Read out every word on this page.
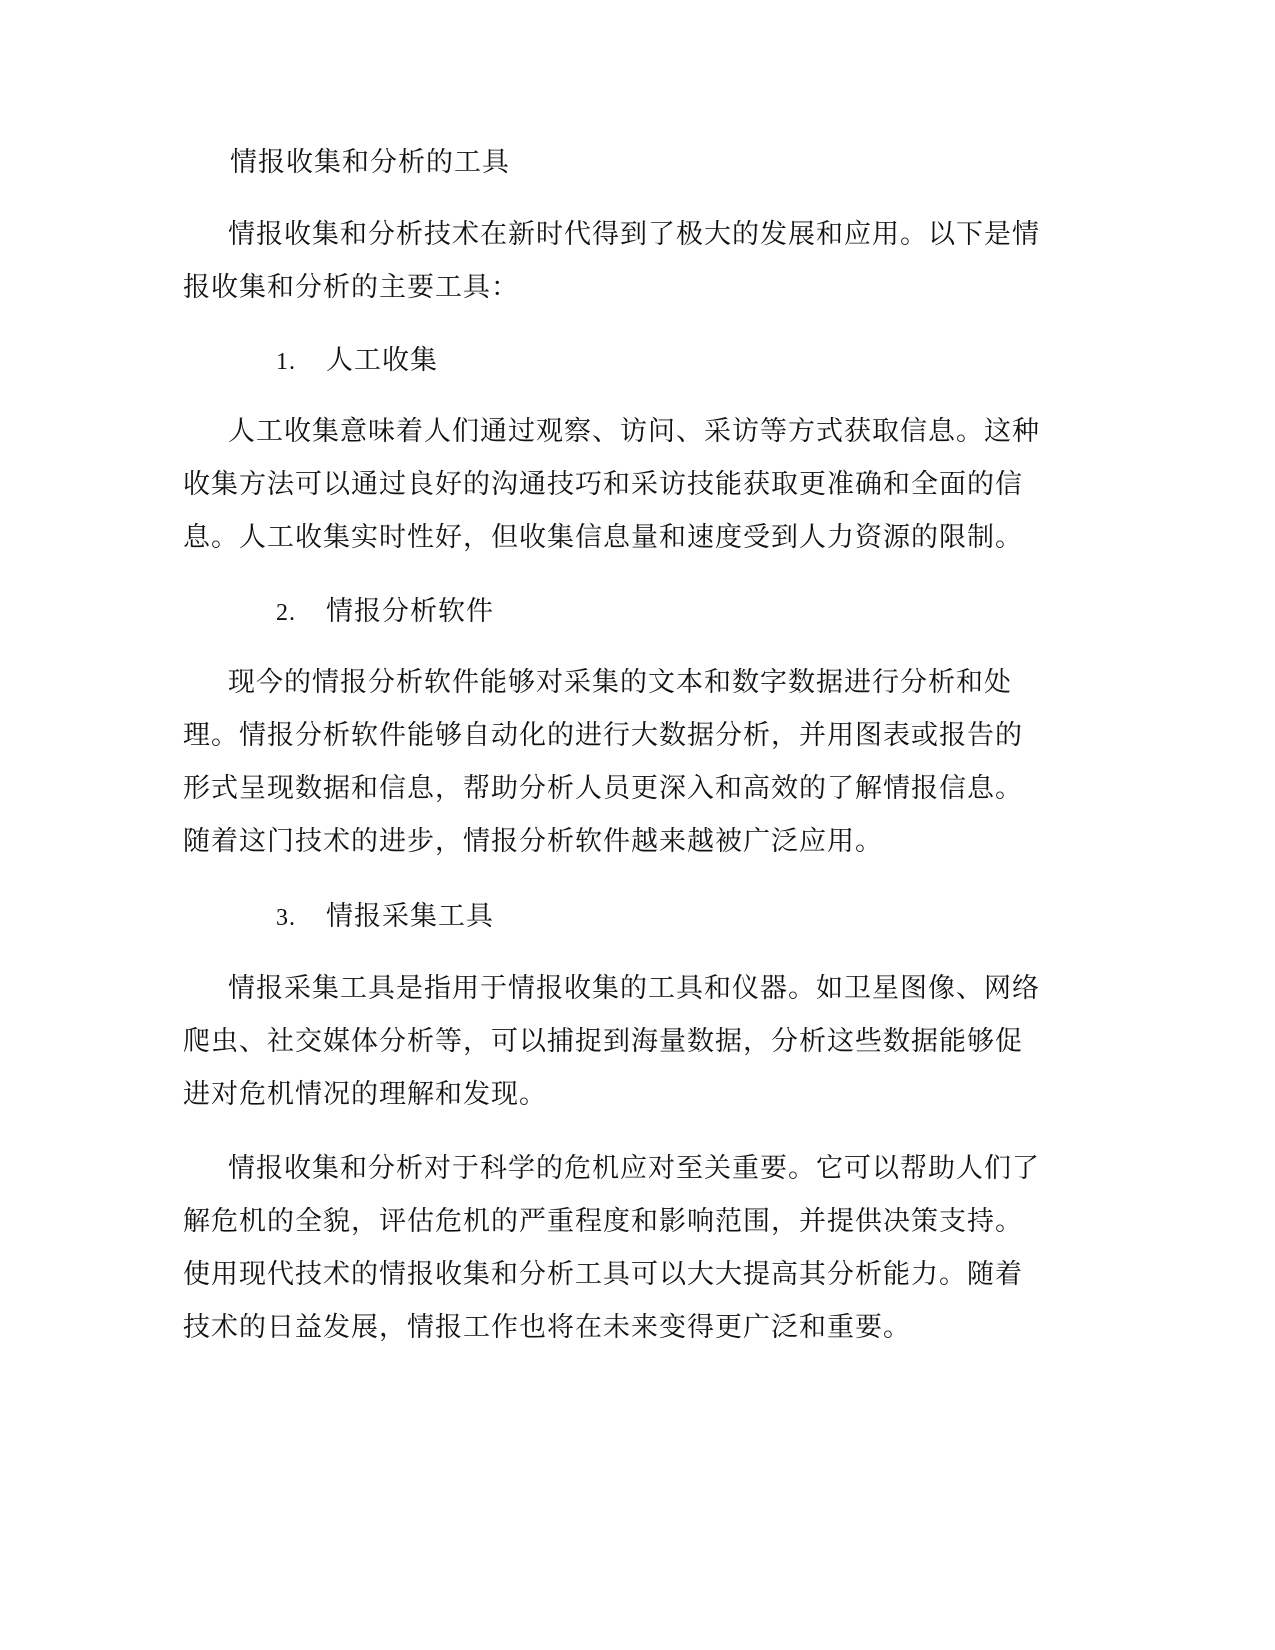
情报收集和分析的工具

情报收集和分析技术在新时代得到了极大的发展和应用。以下是情报收集和分析的主要工具：

1. 人工收集

人工收集意味着人们通过观察、访问、采访等方式获取信息。这种收集方法可以通过良好的沟通技巧和采访技能获取更准确和全面的信息。人工收集实时性好，但收集信息量和速度受到人力资源的限制。

2. 情报分析软件

现今的情报分析软件能够对采集的文本和数字数据进行分析和处理。情报分析软件能够自动化的进行大数据分析，并用图表或报告的形式呈现数据和信息，帮助分析人员更深入和高效的了解情报信息。随着这门技术的进步，情报分析软件越来越被广泛应用。

3. 情报采集工具

情报采集工具是指用于情报收集的工具和仪器。如卫星图像、网络爬虫、社交媒体分析等，可以捕捉到海量数据，分析这些数据能够促进对危机情况的理解和发现。

情报收集和分析对于科学的危机应对至关重要。它可以帮助人们了解危机的全貌，评估危机的严重程度和影响范围，并提供决策支持。使用现代技术的情报收集和分析工具可以大大提高其分析能力。随着技术的日益发展，情报工作也将在未来变得更广泛和重要。
